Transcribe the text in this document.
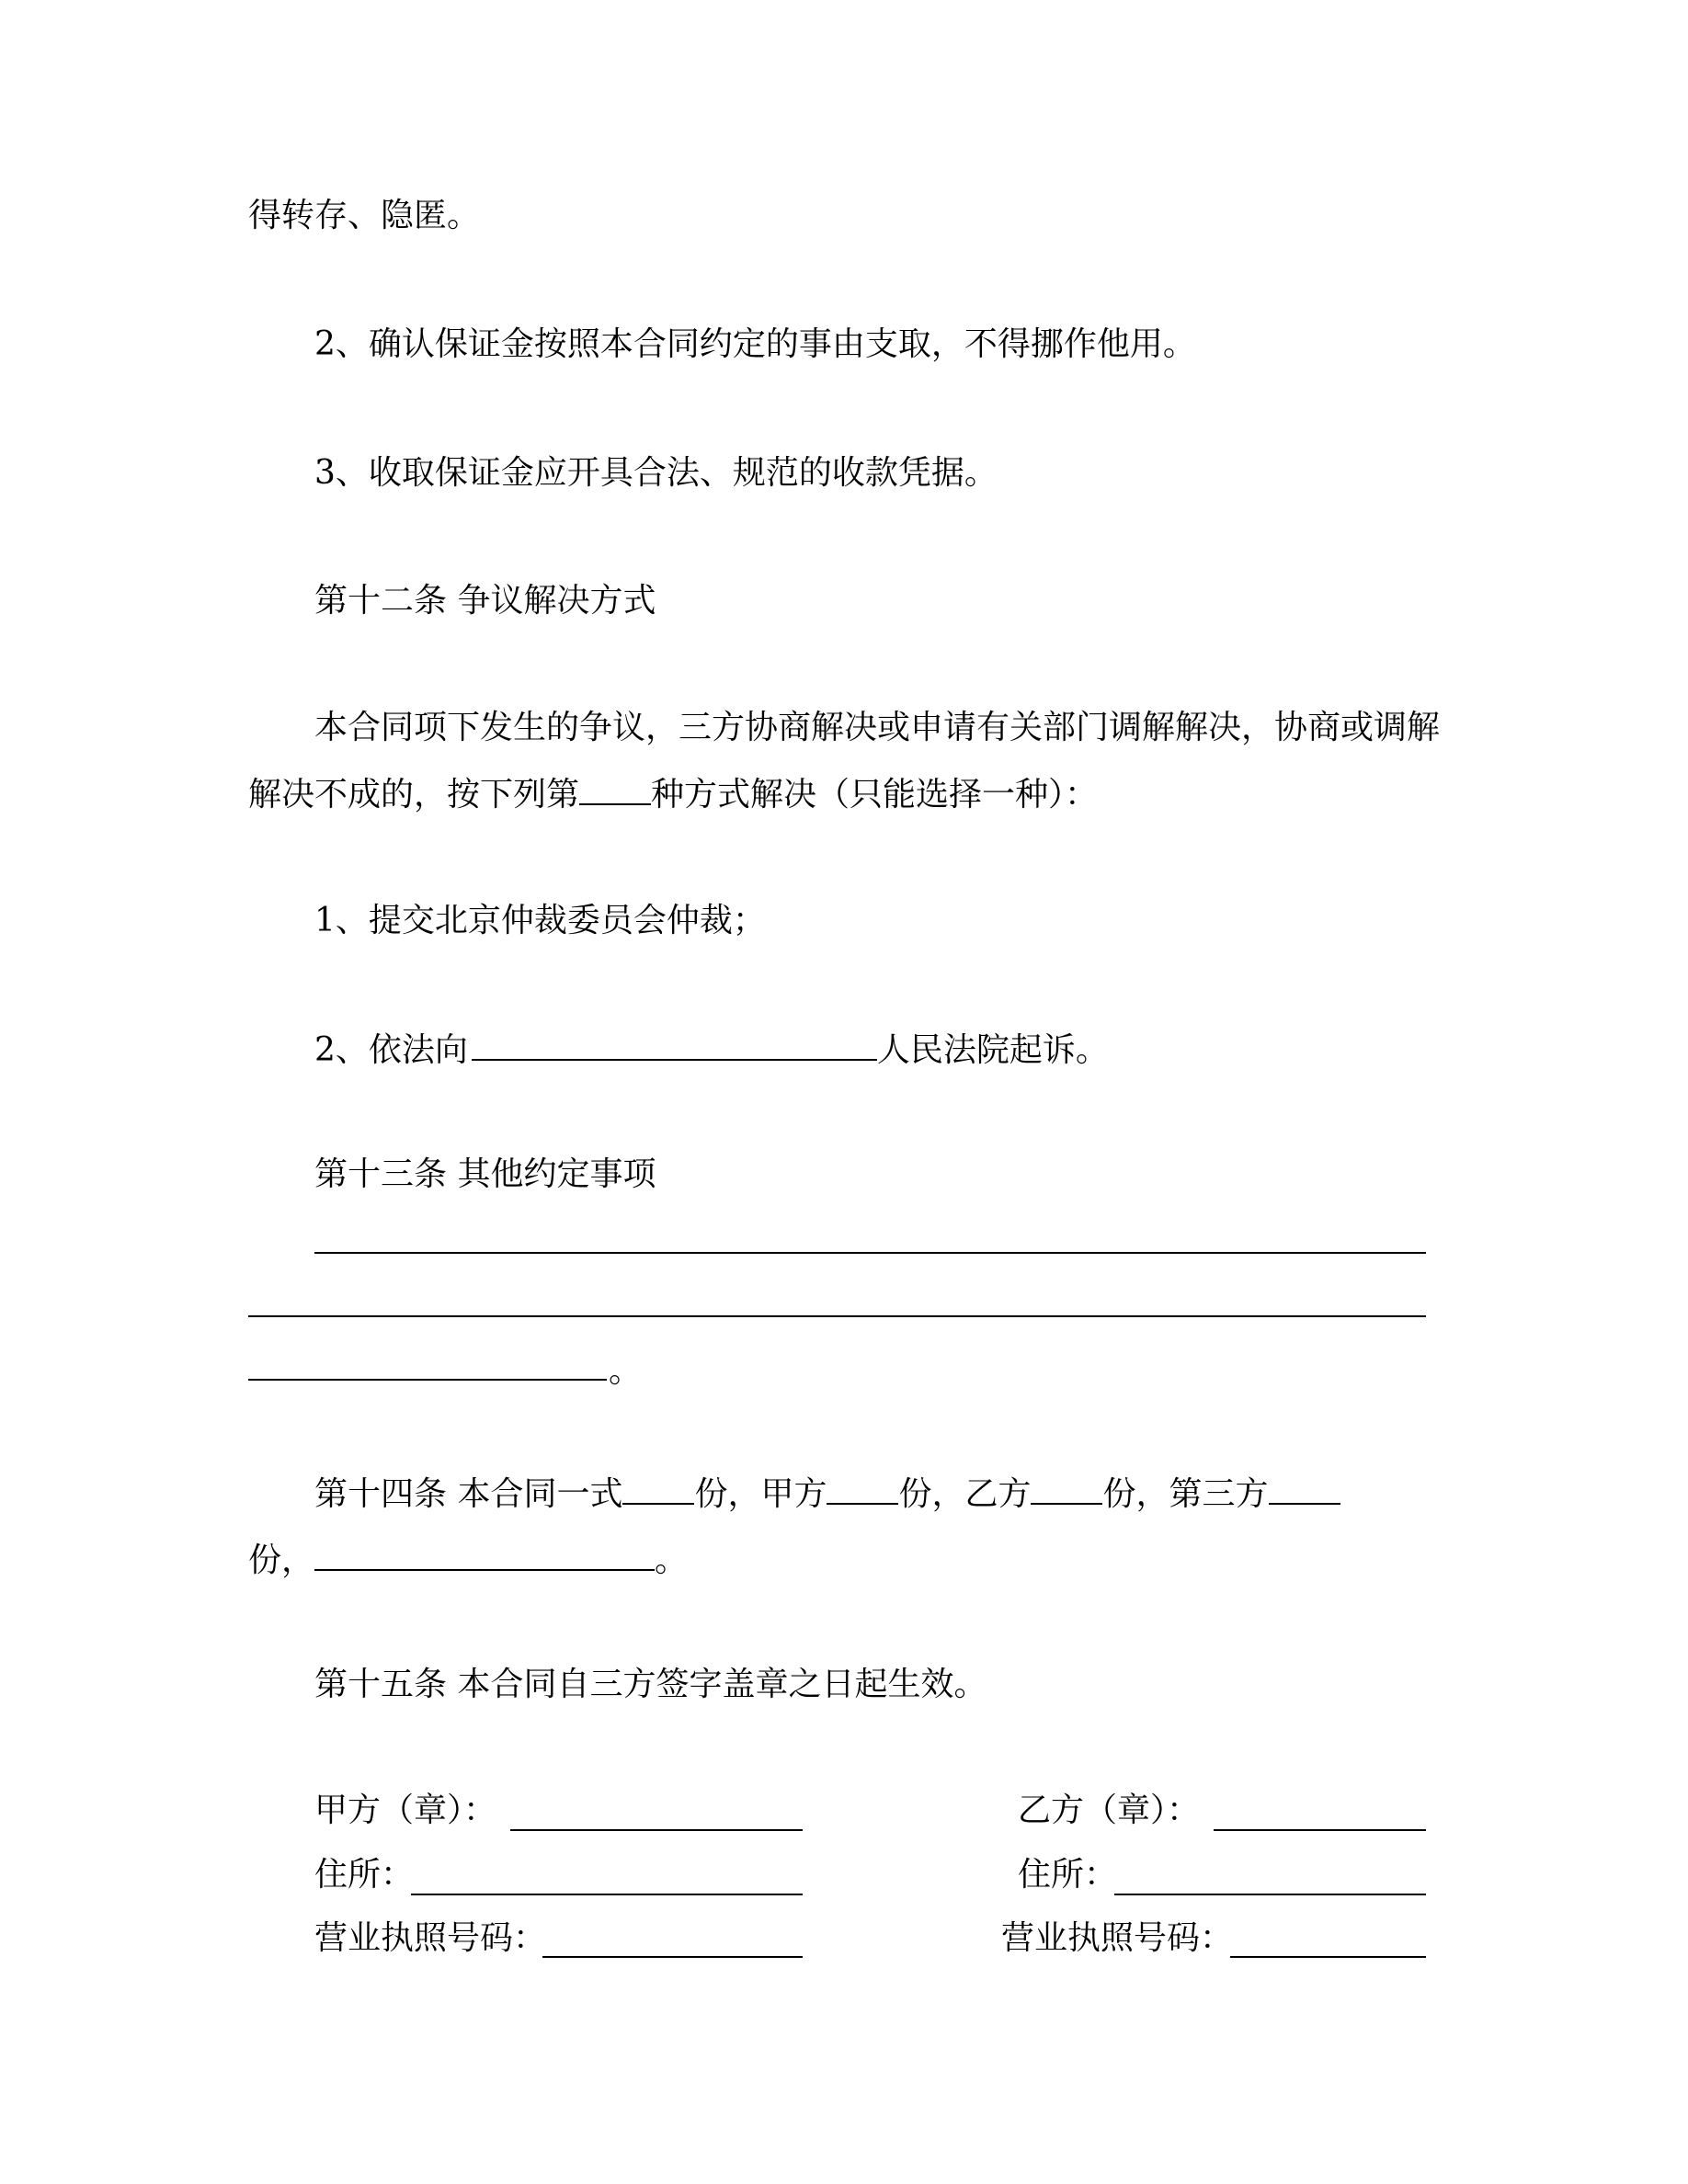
得转存、隐匿。
2、确认保证金按照本合同约定的事由支取，不得挪作他用。
3、收取保证金应开具合法、规范的收款凭据。
第十二条 争议解决方式
本合同项下发生的争议，三方协商解决或申请有关部门调解解决，协商或调解
解决不成的，按下列第 种方式解决（只能选择一种）：
1、提交北京仲裁委员会仲裁；
2、依法向	人民法院起诉。
第十三条 其他约定事项
。
第十四条 本合同一式 份，甲方 份，乙方 份，第三方
份，	。
第十五条 本合同自三方签字盖章之日起生效。
甲方（章）：
住所：
营业执照号码：
乙方（章）：
住所：
营业执照号码：
